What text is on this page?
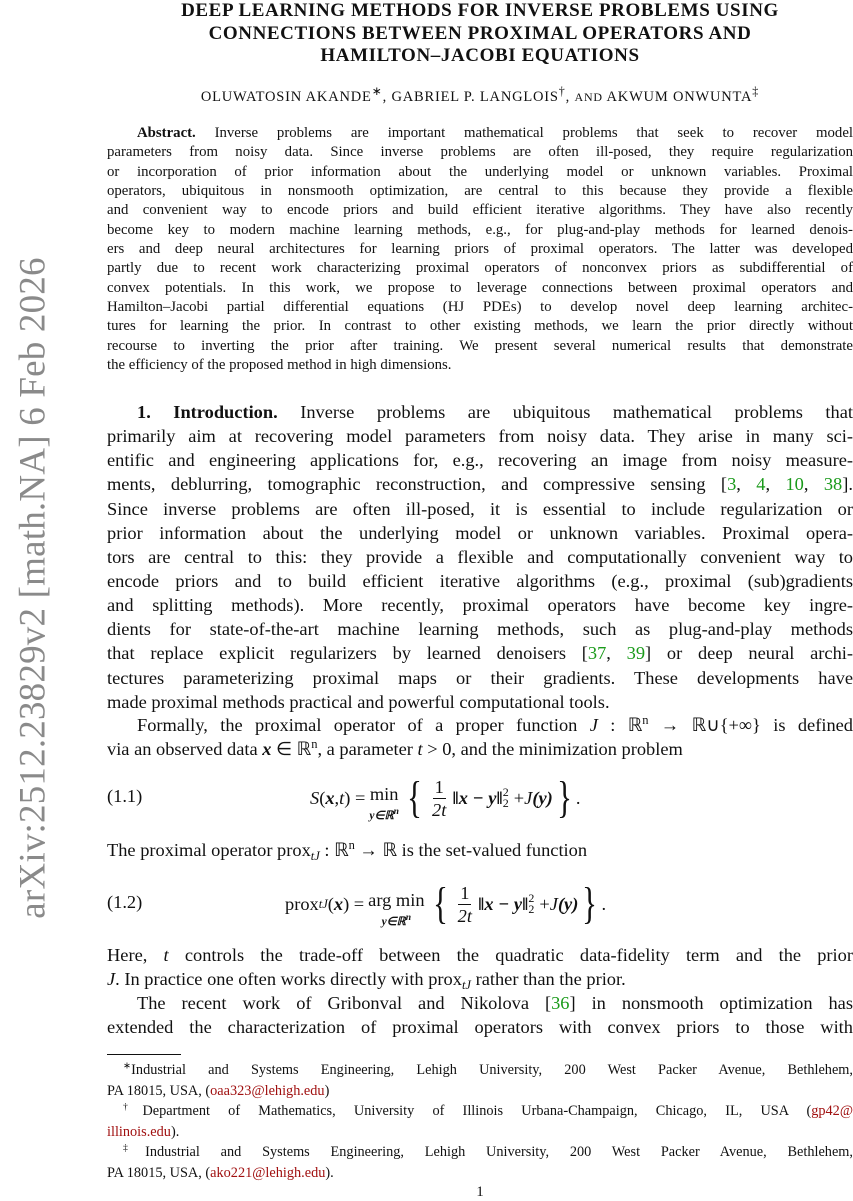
arXiv:2512.23829v2 [math.NA] 6 Feb 2026
DEEP LEARNING METHODS FOR INVERSE PROBLEMS USING
CONNECTIONS BETWEEN PROXIMAL OPERATORS AND
HAMILTON–JACOBI EQUATIONS
OLUWATOSIN AKANDE∗, GABRIEL P. LANGLOIS†, AND AKWUM ONWUNTA‡
Abstract. Inverse problems are important mathematical problems that seek to recover model
parameters from noisy data. Since inverse problems are often ill-posed, they require regularization
or incorporation of prior information about the underlying model or unknown variables. Proximal
operators, ubiquitous in nonsmooth optimization, are central to this because they provide a flexible
and convenient way to encode priors and build efficient iterative algorithms. They have also recently
become key to modern machine learning methods, e.g., for plug-and-play methods for learned denois-
ers and deep neural architectures for learning priors of proximal operators. The latter was developed
partly due to recent work characterizing proximal operators of nonconvex priors as subdifferential of
convex potentials. In this work, we propose to leverage connections between proximal operators and
Hamilton–Jacobi partial differential equations (HJ PDEs) to develop novel deep learning architec-
tures for learning the prior. In contrast to other existing methods, we learn the prior directly without
recourse to inverting the prior after training. We present several numerical results that demonstrate
the efficiency of the proposed method in high dimensions.
1. Introduction. Inverse problems are ubiquitous mathematical problems that
primarily aim at recovering model parameters from noisy data. They arise in many sci-
entific and engineering applications for, e.g., recovering an image from noisy measure-
ments, deblurring, tomographic reconstruction, and compressive sensing [3, 4, 10, 38].
Since inverse problems are often ill-posed, it is essential to include regularization or
prior information about the underlying model or unknown variables. Proximal opera-
tors are central to this: they provide a flexible and computationally convenient way to
encode priors and to build efficient iterative algorithms (e.g., proximal (sub)gradients
and splitting methods). More recently, proximal operators have become key ingre-
dients for state-of-the-art machine learning methods, such as plug-and-play methods
that replace explicit regularizers by learned denoisers [37, 39] or deep neural archi-
tectures parameterizing proximal maps or their gradients. These developments have
made proximal methods practical and powerful computational tools.
Formally, the proximal operator of a proper function J : ℝ$^n$ → ℝ∪{+∞} is defined
via an observed data x ∈ ℝ$^n$, a parameter t > 0, and the minimization problem
(1.1)	S ( x , t ) = min
y∈ℝ$^n$ { $\frac{1}{2t}$ ‖x − y‖ 2
2 + J (y) } .
The proximal operator prox$_{tJ}$ : ℝ$^n$ → ℝ is the set-valued function
(1.2)	prox tJ ( x ) = arg min
y∈ℝ$^n$ { $\frac{1}{2t}$ ‖x − y‖ 2
2 + J (y) } .
Here, t controls the trade-off between the quadratic data-fidelity term and the prior
J. In practice one often works directly with prox$_{tJ}$ rather than the prior.
The recent work of Gribonval and Nikolova [36] in nonsmooth optimization has
extended the characterization of proximal operators with convex priors to those with
∗Industrial and Systems Engineering, Lehigh University, 200 West Packer Avenue, Bethlehem,
PA 18015, USA, (oaa323@lehigh.edu)
†Department of Mathematics, University of Illinois Urbana-Champaign, Chicago, IL, USA (gp42@
illinois.edu).
‡Industrial and Systems Engineering, Lehigh University, 200 West Packer Avenue, Bethlehem,
PA 18015, USA, (ako221@lehigh.edu).
1
